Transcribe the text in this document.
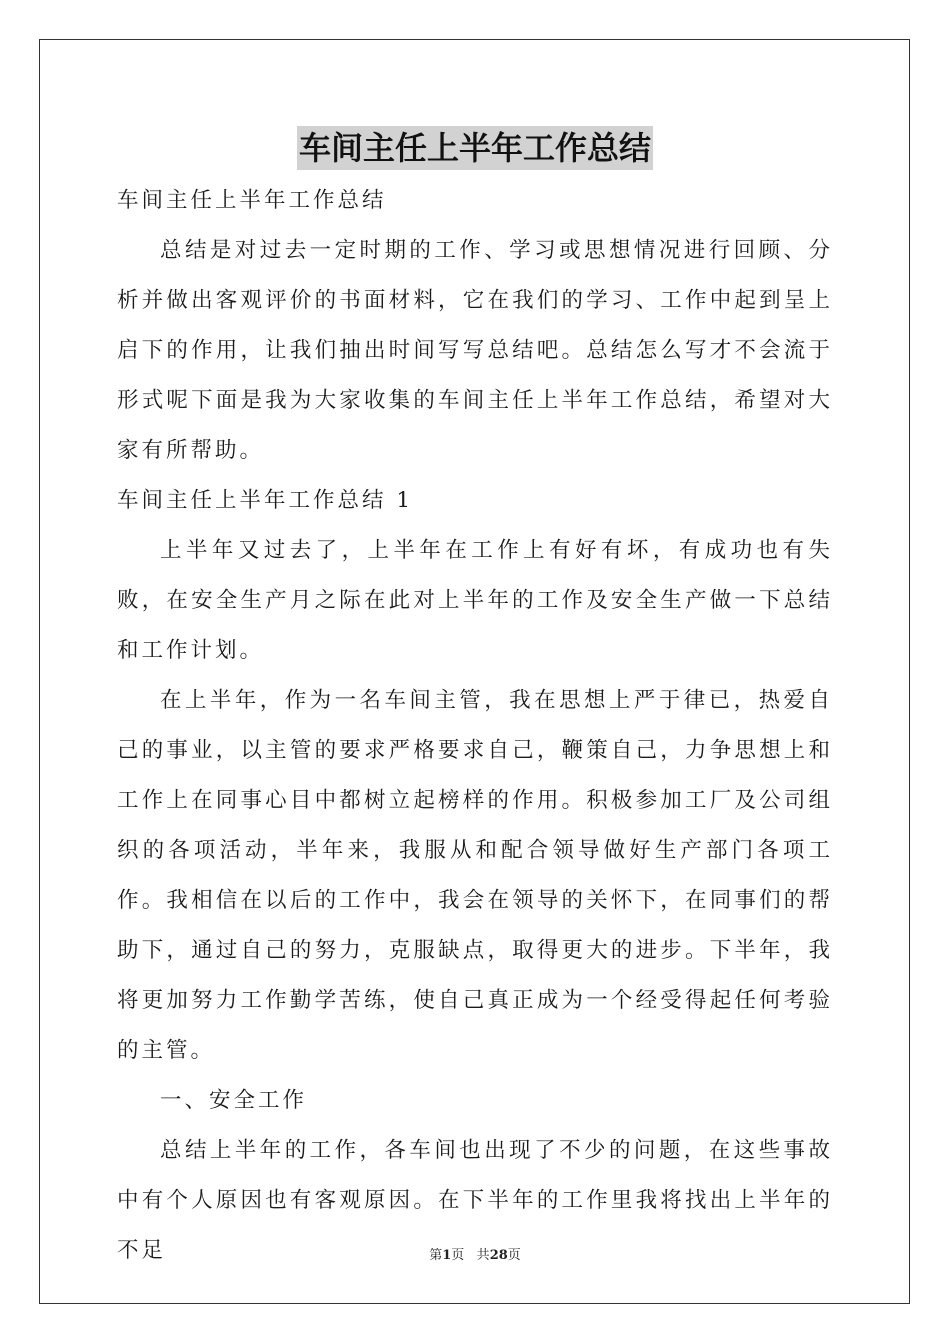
车间主任上半年工作总结

车间主任上半年工作总结

总结是对过去一定时期的工作、学习或思想情况进行回顾、分析并做出客观评价的书面材料，它在我们的学习、工作中起到呈上启下的作用，让我们抽出时间写写总结吧。总结怎么写才不会流于形式呢下面是我为大家收集的车间主任上半年工作总结，希望对大家有所帮助。

车间主任上半年工作总结 1

上半年又过去了，上半年在工作上有好有坏，有成功也有失败，在安全生产月之际在此对上半年的工作及安全生产做一下总结和工作计划。

在上半年，作为一名车间主管，我在思想上严于律已，热爱自己的事业，以主管的要求严格要求自己，鞭策自己，力争思想上和工作上在同事心目中都树立起榜样的作用。积极参加工厂及公司组织的各项活动，半年来，我服从和配合领导做好生产部门各项工作。我相信在以后的工作中，我会在领导的关怀下，在同事们的帮助下，通过自己的努力，克服缺点，取得更大的进步。下半年，我将更加努力工作勤学苦练，使自己真正成为一个经受得起任何考验的主管。

一、安全工作

总结上半年的工作，各车间也出现了不少的问题，在这些事故中有个人原因也有客观原因。在下半年的工作里我将找出上半年的不足	第1页 共28页
